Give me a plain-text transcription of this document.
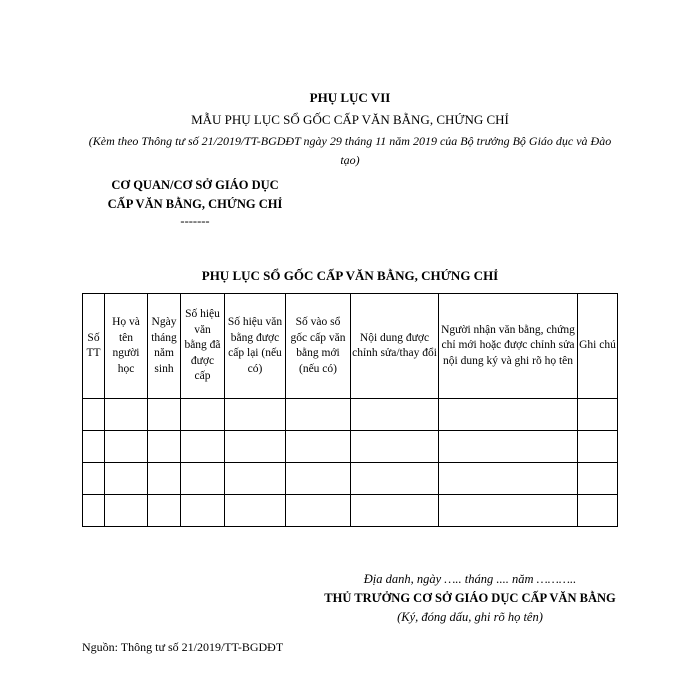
PHỤ LỤC VII
MẪU PHỤ LỤC SỔ GỐC CẤP VĂN BẰNG, CHỨNG CHỈ
(Kèm theo Thông tư số 21/2019/TT-BGDĐT ngày 29 tháng 11 năm 2019 của Bộ trưởng Bộ Giáo dục và Đào tạo)
CƠ QUAN/CƠ SỞ GIÁO DỤC
CẤP VĂN BẰNG, CHỨNG CHỈ
-------
PHỤ LỤC SỔ GỐC CẤP VĂN BẰNG, CHỨNG CHỈ
Số TT	Họ và tên người học	Ngày tháng năm sinh	Số hiệu văn bằng đã được cấp	Số hiệu văn bằng được cấp lại (nếu có)	Số vào sổ gốc cấp văn bằng mới (nếu có)	Nội dung được chỉnh sửa/thay đổi	Người nhận văn bằng, chứng chỉ mới hoặc được chỉnh sửa nội dung ký và ghi rõ họ tên	Ghi chú

Địa danh, ngày ….. tháng .... năm ………..
THỦ TRƯỞNG CƠ SỞ GIÁO DỤC CẤP VĂN BẰNG
(Ký, đóng dấu, ghi rõ họ tên)
Nguồn: Thông tư số 21/2019/TT-BGDĐT
